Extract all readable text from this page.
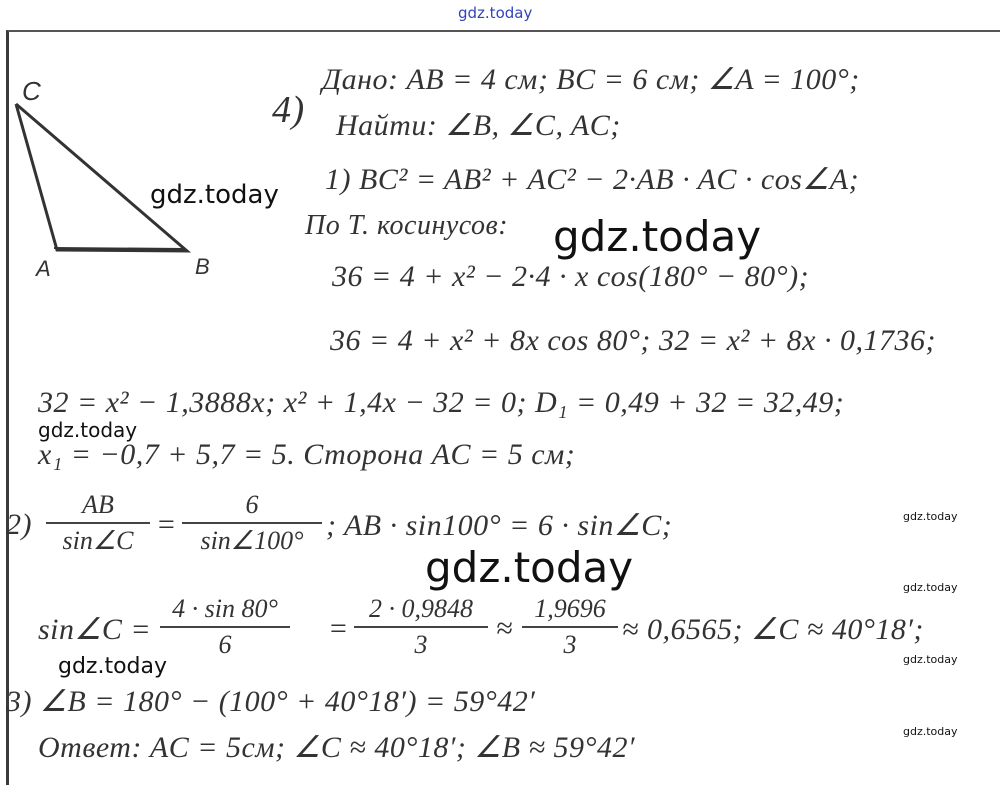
gdz.today
C
A	B
4)
Дано: AB = 4 см; BC = 6 см; ∠A = 100°;
Найти: ∠B, ∠C, AC;
1) BC² = AB² + AC² − 2·AB · AC · cos∠A;
По Т. косинусов:
36 = 4 + x² − 2·4 · x cos(180° − 80°);
36 = 4 + x² + 8x cos 80°; 32 = x² + 8x · 0,1736;
32 = x² − 1,3888x; x² + 1,4x − 32 = 0; D₁ = 0,49 + 32 = 32,49;
x₁ = −0,7 + 5,7 = 5. Сторона AC = 5 см;
2)
AB
sin∠C =
6
sin∠100° ; AB · sin100° = 6 · sin∠C;
sin∠C =
4 · sin 80°
6	=
2 · 0,9848
3	≈
1,9696
3	≈ 0,6565; ∠C ≈ 40°18′;
3) ∠B = 180° − (100° + 40°18′) = 59°42′
Ответ: AC = 5см; ∠C ≈ 40°18′; ∠B ≈ 59°42′
gdz.today
gdz.today
gdz.today
gdz.today
gdz.today
gdz.today
gdz.today
gdz.today
gdz.today
